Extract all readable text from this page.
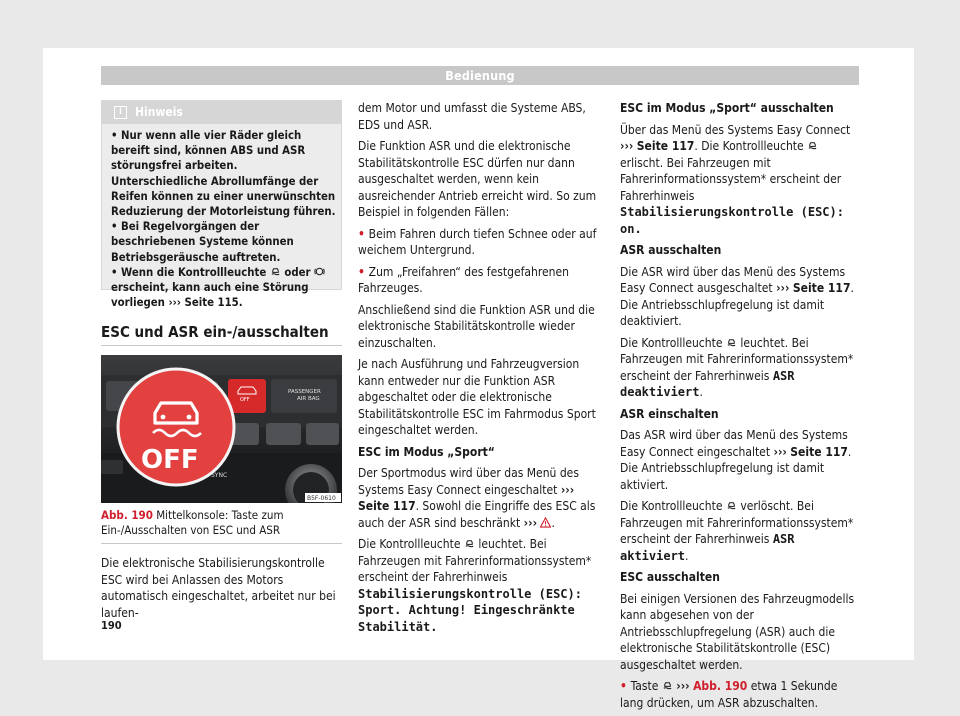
Bedienung
i	Hinweis

• Nur wenn alle vier Räder gleich bereift sind, können ABS und ASR störungsfrei arbeiten. Unterschiedliche Abrollumfänge der Reifen können zu einer unerwünschten Reduzierung der Motorleistung führen.

• Bei Regelvorgängen der beschriebenen Systeme können Betriebsgeräusche auftreten.

• Wenn die Kontrollleuchte oder  erscheint, kann auch eine Störung vorliegen ››› Seite 115.

ESC und ASR ein-/ausschalten
PASSENGER
AIR BAG
OFF
SYNC
OFF
B5F-0610
Abb. 190 Mittelkonsole: Taste zum Ein-/Ausschalten von ESC und ASR

Die elektronische Stabilisierungskontrolle ESC wird bei Anlassen des Motors automatisch eingeschaltet, arbeitet nur bei laufen-

dem Motor und umfasst die Systeme ABS, EDS und ASR.

Die Funktion ASR und die elektronische Stabilitätskontrolle ESC dürfen nur dann ausgeschaltet werden, wenn kein ausreichender Antrieb erreicht wird. So zum Beispiel in folgenden Fällen:

• Beim Fahren durch tiefen Schnee oder auf weichem Untergrund.

• Zum „Freifahren“ des festgefahrenen Fahrzeuges.

Anschließend sind die Funktion ASR und die elektronische Stabilitätskontrolle wieder einzuschalten.

Je nach Ausführung und Fahrzeugversion kann entweder nur die Funktion ASR abgeschaltet oder die elektronische Stabilitätskontrolle ESC im Fahrmodus Sport eingeschaltet werden.

ESC im Modus „Sport“

Der Sportmodus wird über das Menü des Systems Easy Connect eingeschaltet ››› Seite 117. Sowohl die Eingriffe des ESC als auch der ASR sind beschränkt ››› .

Die Kontrollleuchte leuchtet. Bei Fahrzeugen mit Fahrerinformationssystem* erscheint der Fahrerhinweis Stabilisierungskontrolle (ESC): Sport. Achtung! Eingeschränkte Stabilität.

ESC im Modus „Sport“ ausschalten

Über das Menü des Systems Easy Connect ››› Seite 117. Die Kontrollleuchte  erlischt. Bei Fahrzeugen mit Fahrerinformationssystem* erscheint der Fahrerhinweis Stabilisierungskontrolle (ESC): on.

ASR ausschalten

Die ASR wird über das Menü des Systems Easy Connect ausgeschaltet ››› Seite 117. Die Antriebsschlupfregelung ist damit deaktiviert.

Die Kontrollleuchte leuchtet. Bei Fahrzeugen mit Fahrerinformationssystem* erscheint der Fahrerhinweis ASR deaktiviert.

ASR einschalten

Das ASR wird über das Menü des Systems Easy Connect eingeschaltet ››› Seite 117. Die Antriebsschlupfregelung ist damit aktiviert.

Die Kontrollleuchte verlöscht. Bei Fahrzeugen mit Fahrerinformationssystem* erscheint der Fahrerhinweis ASR aktiviert.

ESC ausschalten

Bei einigen Versionen des Fahrzeugmodells kann abgesehen von der Antriebsschlupfregelung (ASR) auch die elektronische Stabilitätskontrolle (ESC) ausgeschaltet werden.

• Taste ››› Abb. 190 etwa 1 Sekunde lang drücken, um ASR abzuschalten.

190
